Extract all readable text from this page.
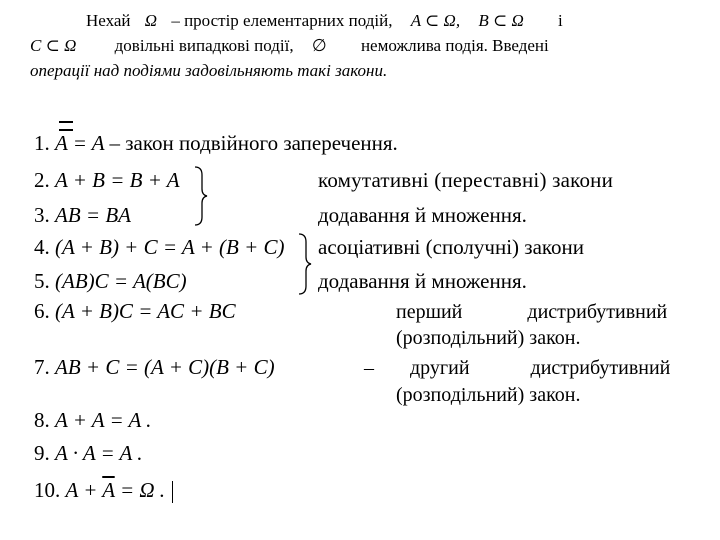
Нехай Ω – простір елементарних подій, A ⊂ Ω, B ⊂ Ω і
C ⊂ Ω довільні випадкові події, ∅ неможлива подія. Введені
операції над подіями задовільняють такі закони.
1. A = A – закон подвійного заперечення.
2. A + B = B + A	комутативні (переставні) закони
3. AB = BA	додавання й множення.
4. (A + B) + C = A + (B + C) асоціативні (сполучні) закони
5. (AB)C = A(BC)	додавання й множення.
6. (A + B)C = AC + BC	перший дистрибутивний
(розподільний) закон.
7. AB + C = (A + C)(B + C)	– другий дистрибутивний
(розподільний) закон.
8. A + A = A .
9. A · A = A .
10. $A + \overline{A} = \Omega$ .
